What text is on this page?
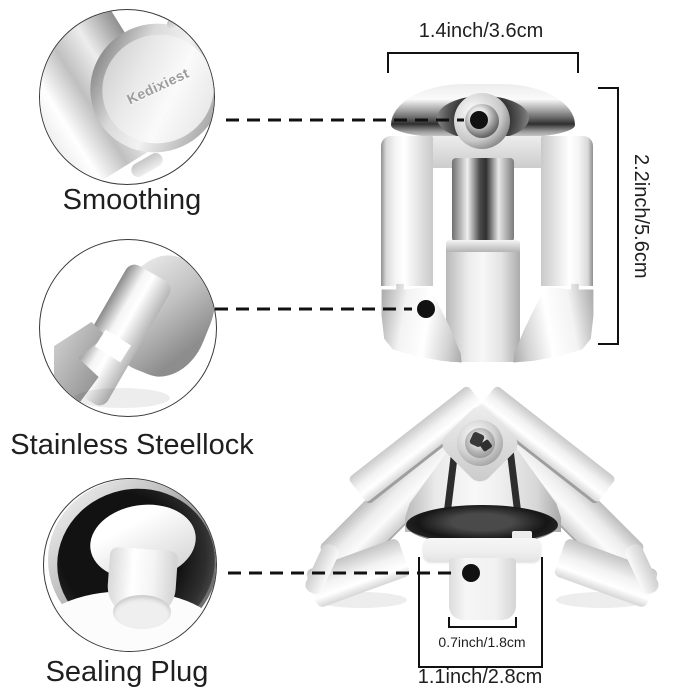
Kedixiest
Smoothing
Stainless Steellock
Sealing Plug
1.4inch/3.6cm
2.2inch/5.6cm
0.7inch/1.8cm
1.1inch/2.8cm
